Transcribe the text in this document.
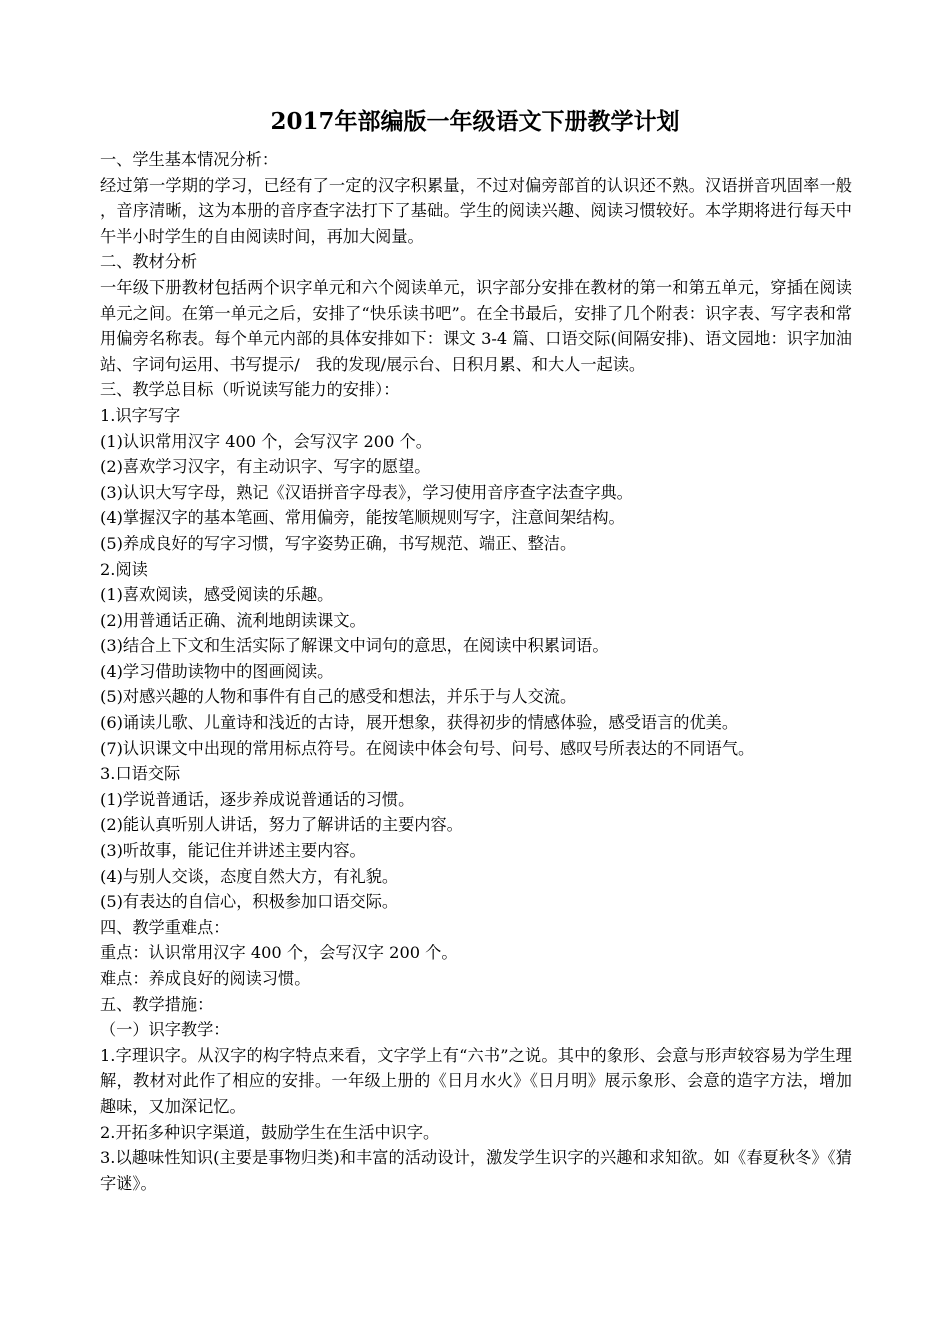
2017年部编版一年级语文下册教学计划

一、学生基本情况分析：

经过第一学期的学习，已经有了一定的汉字积累量，不过对偏旁部首的认识还不熟。汉语拼音巩固率一般，音序清晰，这为本册的音序查字法打下了基础。学生的阅读兴趣、阅读习惯较好。本学期将进行每天中午半小时学生的自由阅读时间，再加大阅量。

二、教材分析

一年级下册教材包括两个识字单元和六个阅读单元，识字部分安排在教材的第一和第五单元，穿插在阅读单元之间。在第一单元之后，安排了“快乐读书吧”。在全书最后，安排了几个附表：识字表、写字表和常用偏旁名称表。每个单元内部的具体安排如下：课文 3-4 篇、口语交际(间隔安排)、语文园地：识字加油站、字词句运用、书写提示/　我的发现/展示台、日积月累、和大人一起读。

三、教学总目标（听说读写能力的安排）：

1.识字写字

(1)认识常用汉字 400 个，会写汉字 200 个。

(2)喜欢学习汉字，有主动识字、写字的愿望。

(3)认识大写字母，熟记《汉语拼音字母表》，学习使用音序查字法查字典。

(4)掌握汉字的基本笔画、常用偏旁，能按笔顺规则写字，注意间架结构。

(5)养成良好的写字习惯，写字姿势正确，书写规范、端正、整洁。

2.阅读

(1)喜欢阅读，感受阅读的乐趣。

(2)用普通话正确、流利地朗读课文。

(3)结合上下文和生活实际了解课文中词句的意思，在阅读中积累词语。

(4)学习借助读物中的图画阅读。

(5)对感兴趣的人物和事件有自己的感受和想法，并乐于与人交流。

(6)诵读儿歌、儿童诗和浅近的古诗，展开想象，获得初步的情感体验，感受语言的优美。

(7)认识课文中出现的常用标点符号。在阅读中体会句号、问号、感叹号所表达的不同语气。

3.口语交际

(1)学说普通话，逐步养成说普通话的习惯。

(2)能认真听别人讲话，努力了解讲话的主要内容。

(3)听故事，能记住并讲述主要内容。

(4)与别人交谈，态度自然大方，有礼貌。

(5)有表达的自信心，积极参加口语交际。

四、教学重难点：

重点：认识常用汉字 400 个，会写汉字 200 个。

难点：养成良好的阅读习惯。

五、教学措施：

（一）识字教学：

1.字理识字。从汉字的构字特点来看，文字学上有“六书”之说。其中的象形、会意与形声较容易为学生理解，教材对此作了相应的安排。一年级上册的《日月水火》《日月明》展示象形、会意的造字方法，增加趣味，又加深记忆。

2.开拓多种识字渠道，鼓励学生在生活中识字。

3.以趣味性知识(主要是事物归类)和丰富的活动设计，激发学生识字的兴趣和求知欲。如《春夏秋冬》《猜字谜》。
